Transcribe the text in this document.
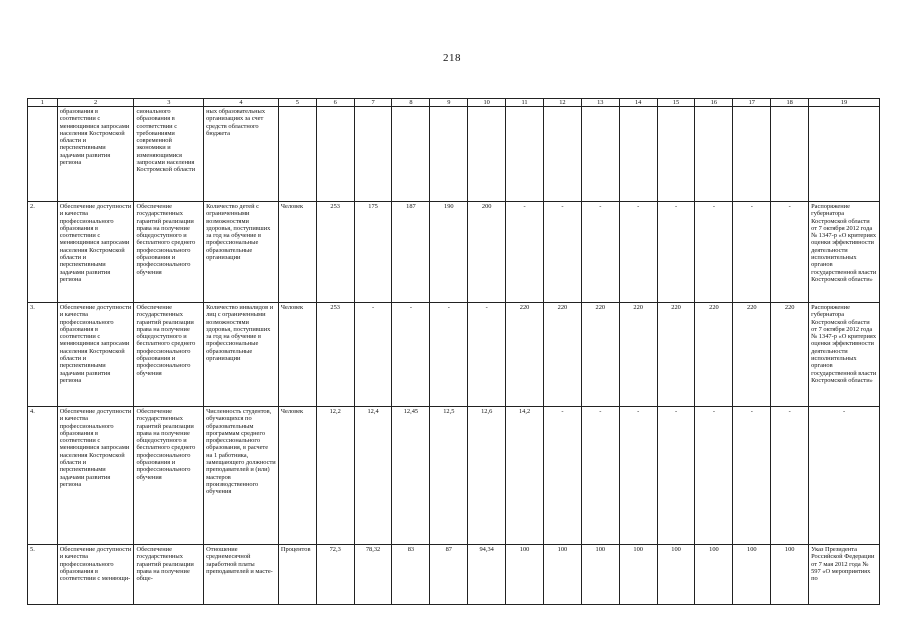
218
1	2	3	4	5	6	7	8	9	10	11	12	13	14	15	16	17	18	19
	образования в соответствии с меняющимися запросами населения Костромской области и перспективными задачами развития региона	сионального образования в соответствии с требованиями современной экономики и изменяющимися запросами населения Костромской области	ных образовательных организациях за счет средств областного бюджета															
2.	Обеспечение доступности и качества профессионального образования в соответствии с меняющимися запросами населения Костромской области и перспективными задачами развития региона	Обеспечение государственных гарантий реализации права на получение общедоступного и бесплатного среднего профессионального образования и профессионального обучения	Количество детей с ограниченными возможностями здоровья, поступивших за год на обучение в профессиональные образовательные организации	Человек	253	175	187	190	200	-	-	-	-	-	-	-	-	Распоряжение губернатора Костромской области от 7 октября 2012 года № 1347-р «О критериях оценки эффективности деятельности исполнительных органов государственной власти Костромской области»
3.	Обеспечение доступности и качества профессионального образования в соответствии с меняющимися запросами населения Костромской области и перспективными задачами развития региона	Обеспечение государственных гарантий реализации права на получение общедоступного и бесплатного среднего профессионального образования и профессионального обучения	Количество инвалидов и лиц с ограниченными возможностями здоровья, поступивших за год на обучение в профессиональные образовательные организации	Человек	253	-	-	-	-	220	220	220	220	220	220	220	220	Распоряжение губернатора Костромской области от 7 октября 2012 года № 1347-р «О критериях оценки эффективности деятельности исполнительных органов государственной власти Костромской области»
4.	Обеспечение доступности и качества профессионального образования в соответствии с меняющимися запросами населения Костромской области и перспективными задачами развития региона	Обеспечение государственных гарантий реализации права на получение общедоступного и бесплатного среднего профессионального образования и профессионального обучения	Численность студентов, обучающихся по образовательным программам среднего профессионального образования, в расчете на 1 работника, замещающего должности преподавателей и (или) мастеров производственного обучения	Человек	12,2	12,4	12,45	12,5	12,6	14,2	-	-	-	-	-	-	-	-
5.	Обеспечение доступности и качества профессионального образования в соответствии с меняющи-	Обеспечение государственных гарантий реализации права на получение обще-	Отношение среднемесячной заработной платы преподавателей и масте-	Процентов	72,3	78,32	83	87	94,34	100	100	100	100	100	100	100	100	Указ Президента Российской Федерации от 7 мая 2012 года № 597 «О мероприятиях по
